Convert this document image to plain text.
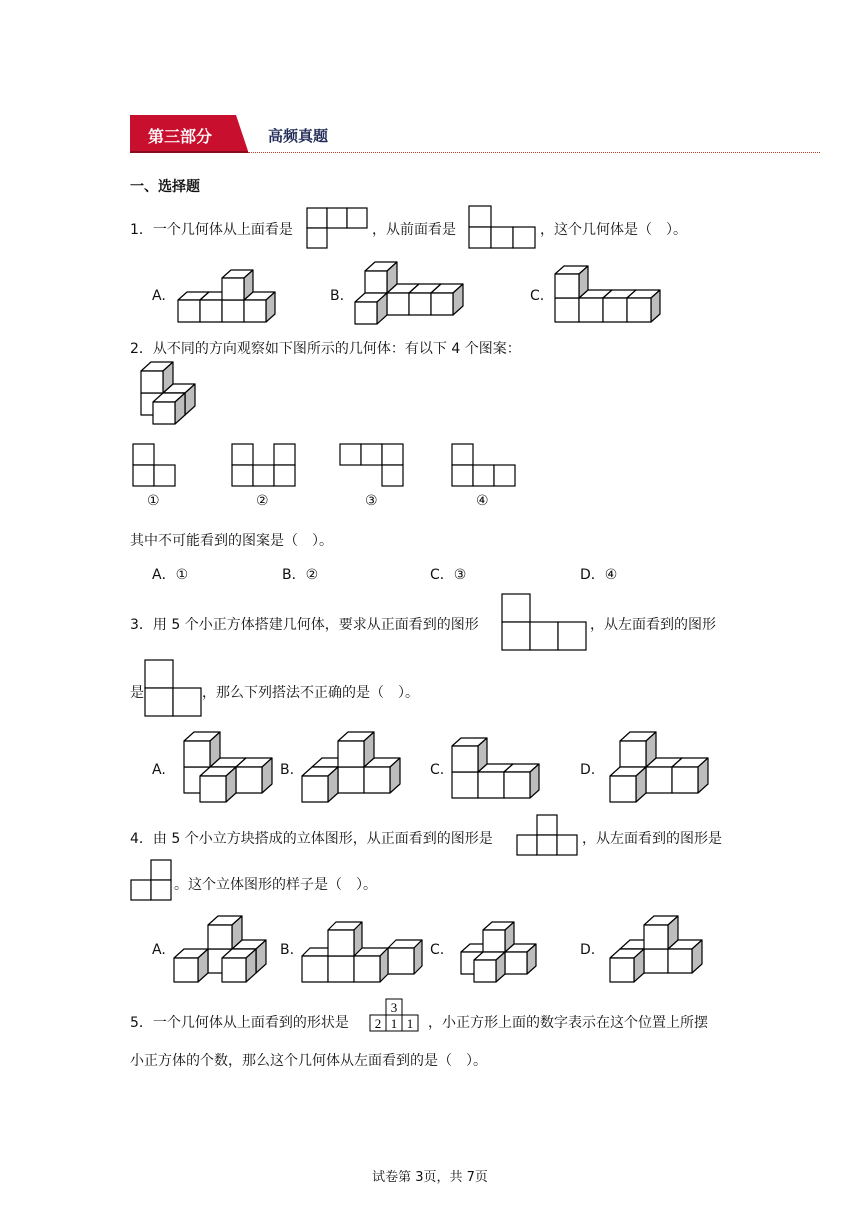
第三部分	高频真题
一、选择题
1．一个几何体从上面看是	，从前面看是	，这个几何体是（　）。
A.	B.	C.
2．从不同的方向观察如下图所示的几何体：有以下 4 个图案：
①	②	③	④
其中不可能看到的图案是（　）。
A．①	B．②	C．③	D．④
3．用 5 个小正方体搭建几何体，要求从正面看到的图形	，从左面看到的图形
是	，那么下列搭法不正确的是（　）。
A.	B.	C.	D.
4．由 5 个小立方块搭成的立体图形，从正面看到的图形是	，从左面看到的图形是
。这个立体图形的样子是（　）。
A.	B.	C.	D.
5．一个几何体从上面看到的形状是
3
2 1 1 ，小正方形上面的数字表示在这个位置上所摆
小正方体的个数，那么这个几何体从左面看到的是（　）。
试卷第 3页，共 7页
